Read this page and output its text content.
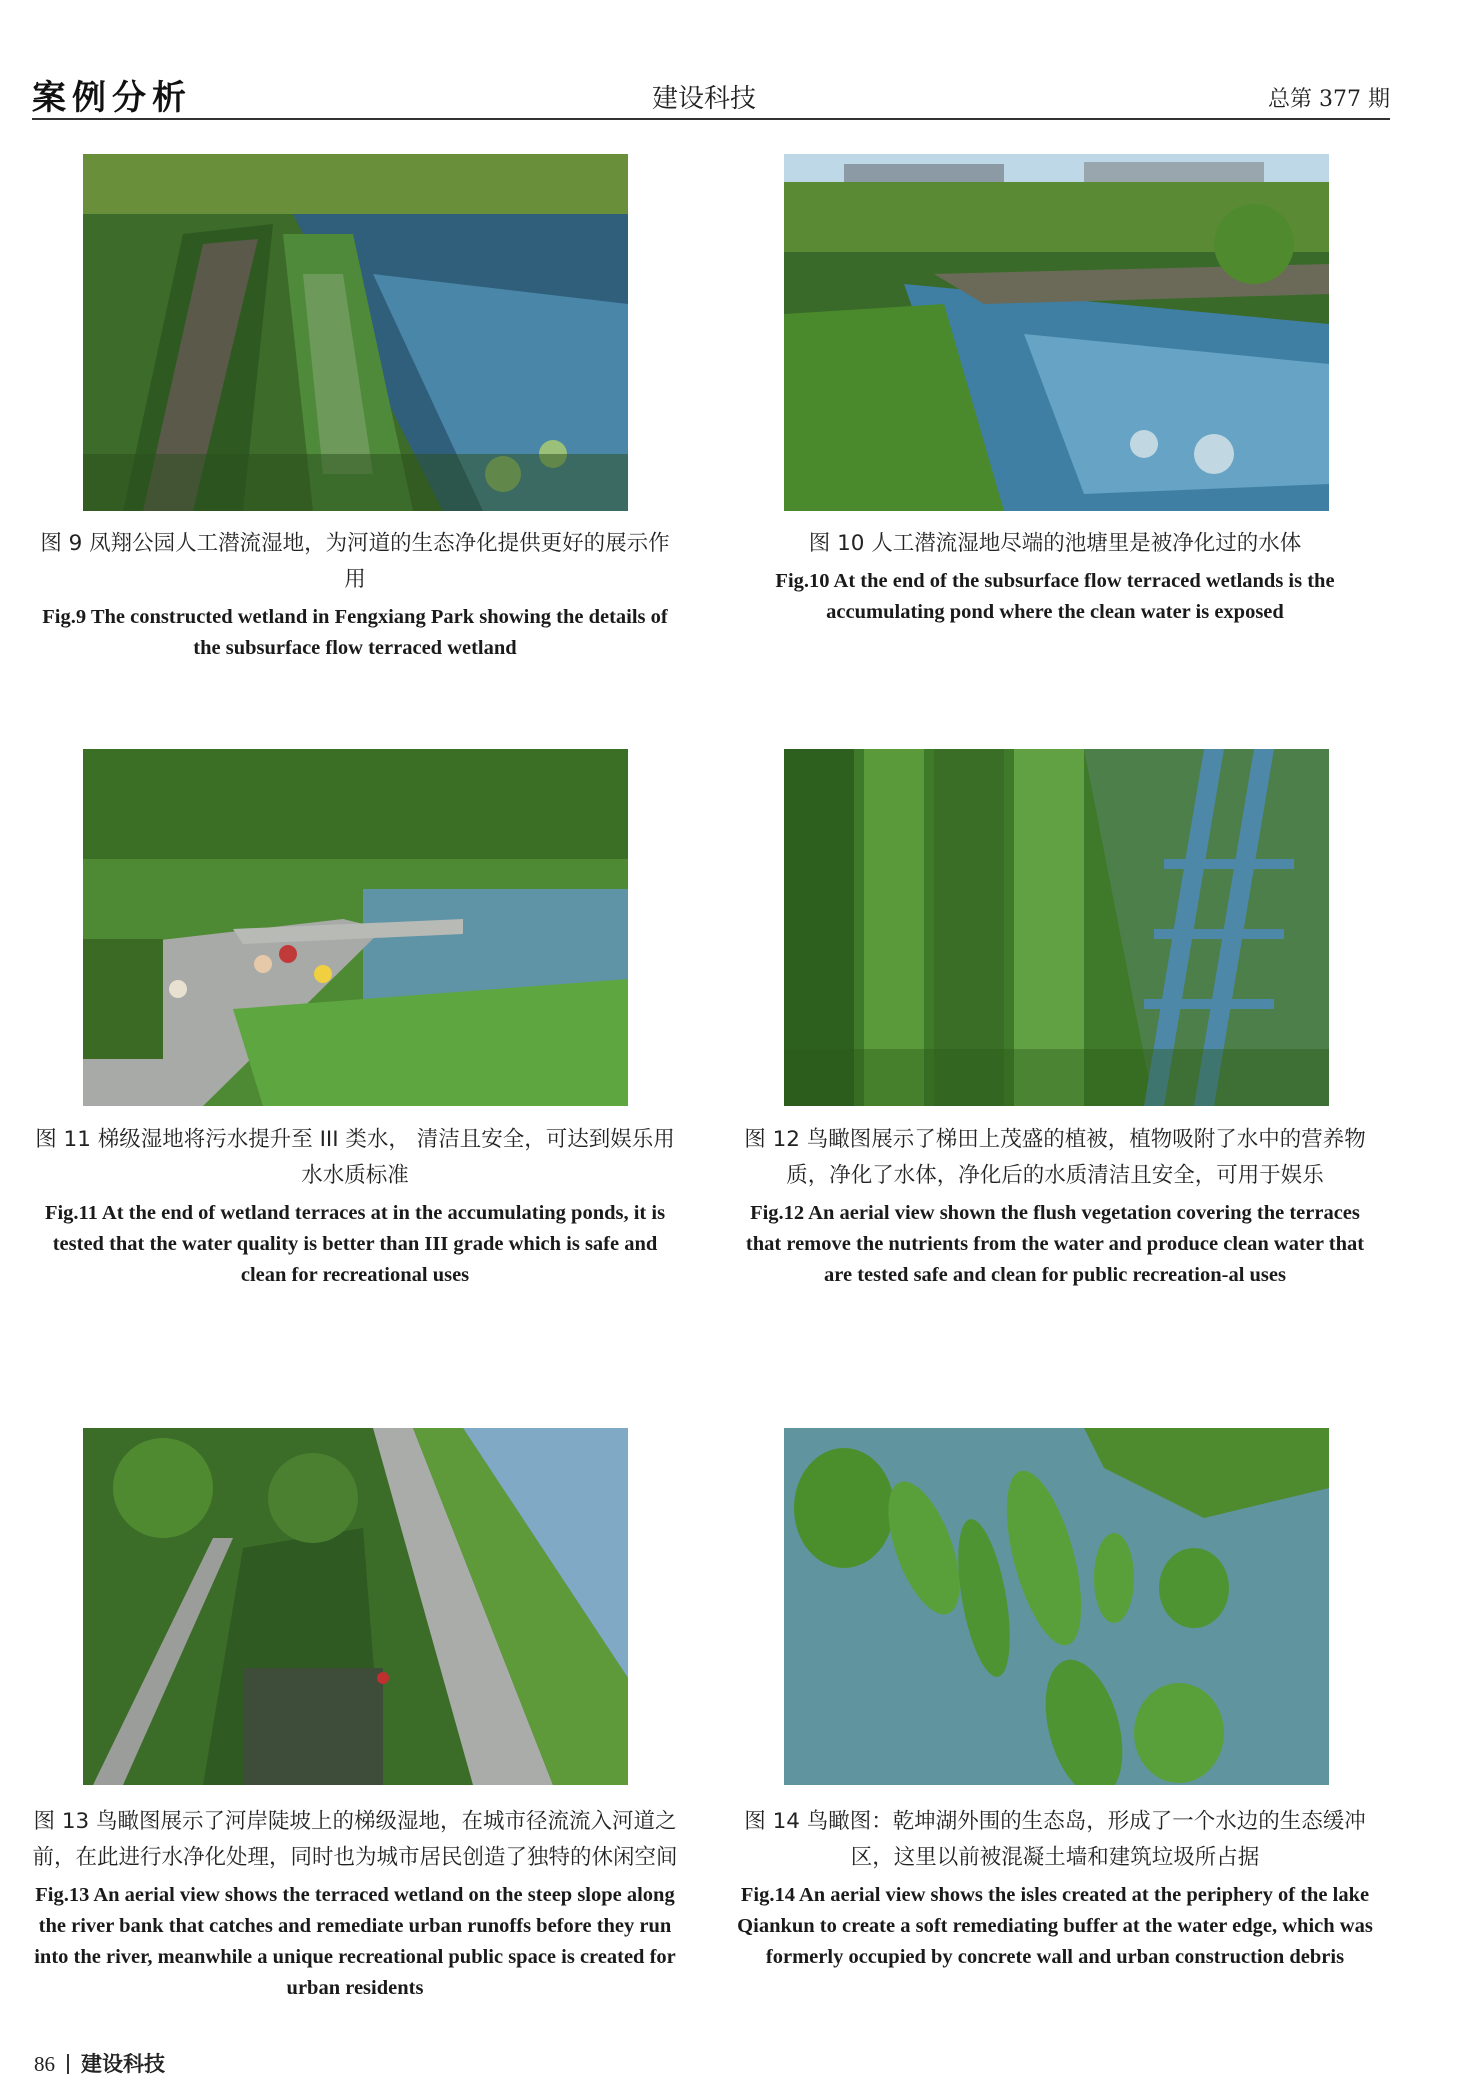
案例分析	建设科技	总第 377 期
图 9 凤翔公园人工潜流湿地，为河道的生态净化提供更好的展示作用
Fig.9 The constructed wetland in Fengxiang Park showing the details of the subsurface flow terraced wetland
图 10 人工潜流湿地尽端的池塘里是被净化过的水体
Fig.10 At the end of the subsurface flow terraced wetlands is the accumulating pond where the clean water is exposed
图 11 梯级湿地将污水提升至 III 类水， 清洁且安全，可达到娱乐用水水质标准
Fig.11 At the end of wetland terraces at in the accumulating ponds, it is tested that the water quality is better than III grade which is safe and clean for recreational uses
图 12 鸟瞰图展示了梯田上茂盛的植被，植物吸附了水中的营养物质，净化了水体，净化后的水质清洁且安全，可用于娱乐
Fig.12 An aerial view shown the flush vegetation covering the terraces that remove the nutrients from the water and produce clean water that are tested safe and clean for public recreation-al uses
图 13 鸟瞰图展示了河岸陡坡上的梯级湿地，在城市径流流入河道之前，在此进行水净化处理，同时也为城市居民创造了独特的休闲空间
Fig.13 An aerial view shows the terraced wetland on the steep slope along the river bank that catches and remediate urban runoffs before they run into the river, meanwhile a unique recreational public space is created for urban residents
图 14 鸟瞰图：乾坤湖外围的生态岛，形成了一个水边的生态缓冲区，这里以前被混凝土墙和建筑垃圾所占据
Fig.14 An aerial view shows the isles created at the periphery of the lake Qiankun to create a soft remediating buffer at the water edge, which was formerly occupied by concrete wall and urban construction debris
86 建设科技
